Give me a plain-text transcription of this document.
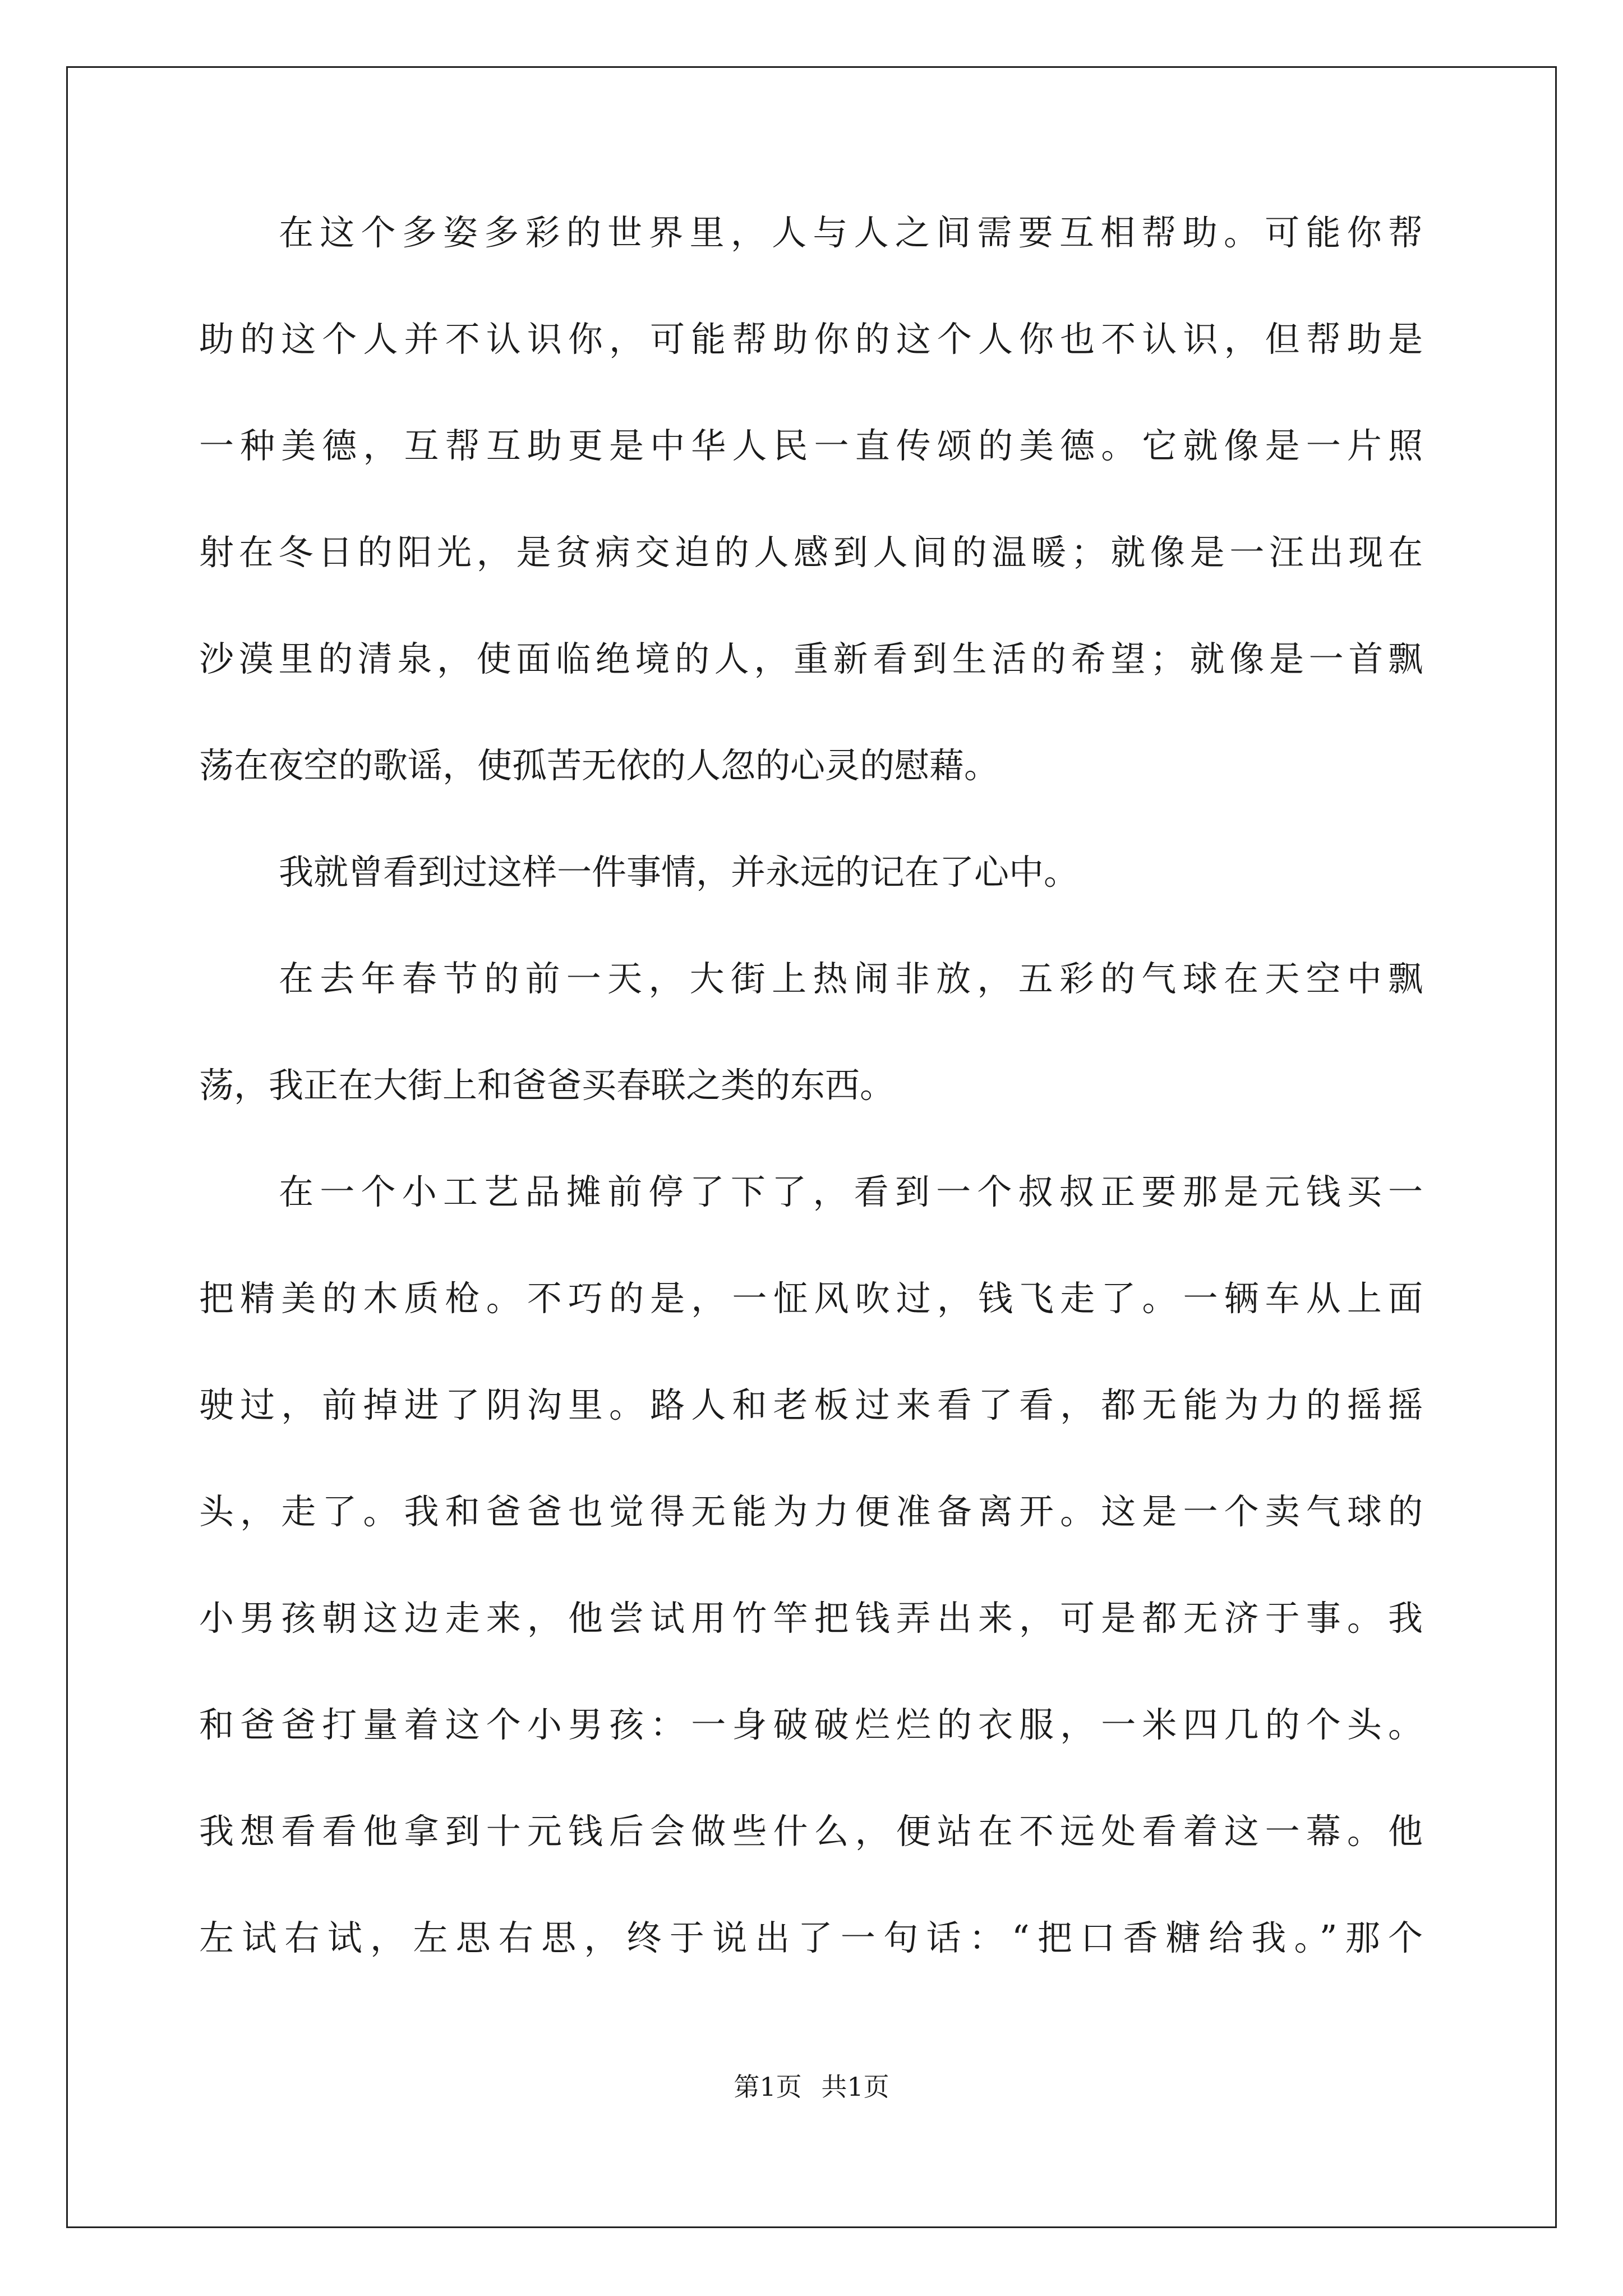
在这个多姿多彩的世界里，人与人之间需要互相帮助。可能你帮
助的这个人并不认识你，可能帮助你的这个人你也不认识，但帮助是
一种美德，互帮互助更是中华人民一直传颂的美德。它就像是一片照
射在冬日的阳光，是贫病交迫的人感到人间的温暖；就像是一汪出现在
沙漠里的清泉，使面临绝境的人，重新看到生活的希望；就像是一首飘
荡在夜空的歌谣，使孤苦无依的人忽的心灵的慰藉。
我就曾看到过这样一件事情，并永远的记在了心中。
在去年春节的前一天，大街上热闹非放，五彩的气球在天空中飘
荡，我正在大街上和爸爸买春联之类的东西。
在一个小工艺品摊前停了下了，看到一个叔叔正要那是元钱买一
把精美的木质枪。不巧的是，一怔风吹过，钱飞走了。一辆车从上面
驶过，前掉进了阴沟里。路人和老板过来看了看，都无能为力的摇摇
头，走了。我和爸爸也觉得无能为力便准备离开。这是一个卖气球的
小男孩朝这边走来，他尝试用竹竿把钱弄出来，可是都无济于事。我
和爸爸打量着这个小男孩：一身破破烂烂的衣服，一米四几的个头。
我想看看他拿到十元钱后会做些什么，便站在不远处看着这一幕。他
左试右试，左思右思，终于说出了一句话：“把口香糖给我。”那个
第1页 共1页
